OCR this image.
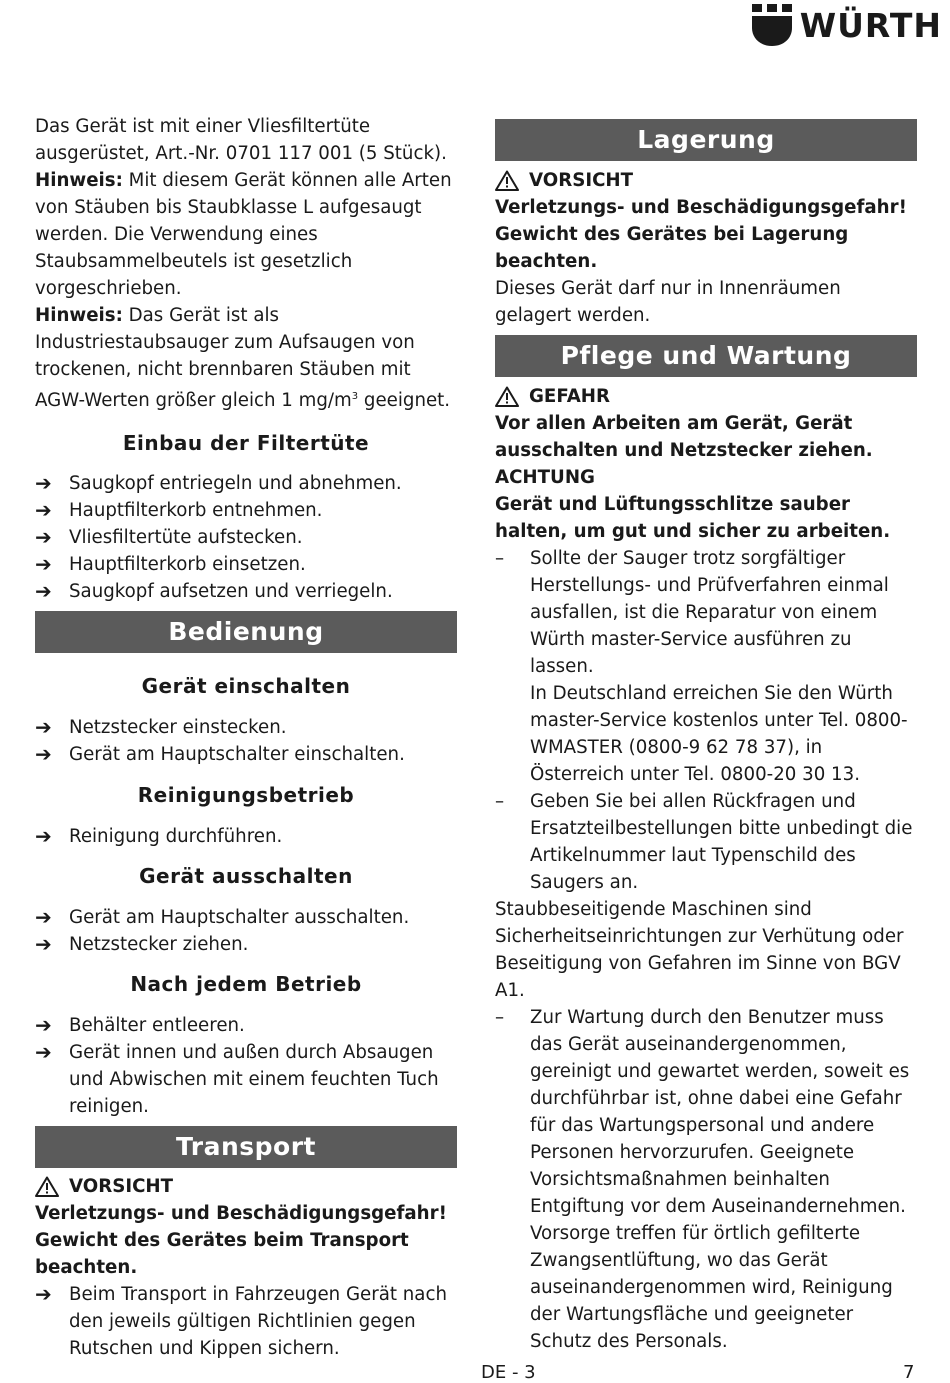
WÜRTH

Das Gerät ist mit einer Vliesfiltertüte ausgerüstet, Art.-Nr. 0701 117 001 (5 Stück).

Hinweis: Mit diesem Gerät können alle Arten von Stäuben bis Staubklasse L aufgesaugt werden. Die Verwendung eines Staubsammelbeutels ist gesetzlich vorgeschrieben.

Hinweis: Das Gerät ist als Industriestaubsauger zum Aufsaugen von trockenen, nicht brennbaren Stäuben mit AGW-Werten größer gleich 1 $mg/m^3$ geeignet.

Einbau der Filtertüte
➔ Saugkopf entriegeln und abnehmen.
➔ Hauptfilterkorb entnehmen.
➔ Vliesfiltertüte aufstecken.
➔ Hauptfilterkorb einsetzen.
➔ Saugkopf aufsetzen und verriegeln.
Bedienung
Gerät einschalten
➔ Netzstecker einstecken.
➔ Gerät am Hauptschalter einschalten.
Reinigungsbetrieb
➔ Reinigung durchführen.
Gerät ausschalten
➔ Gerät am Hauptschalter ausschalten.
➔ Netzstecker ziehen.
Nach jedem Betrieb
➔ Behälter entleeren.
➔ Gerät innen und außen durch Absaugen und Abwischen mit einem feuchten Tuch reinigen.
Transport
VORSICHT

Verletzungs- und Beschädigungsgefahr! Gewicht des Gerätes beim Transport beachten.

➔ Beim Transport in Fahrzeugen Gerät nach den jeweils gültigen Richtlinien gegen Rutschen und Kippen sichern.
Lagerung
VORSICHT

Verletzungs- und Beschädigungsgefahr! Gewicht des Gerätes bei Lagerung beachten.

Dieses Gerät darf nur in Innenräumen gelagert werden.

Pflege und Wartung
GEFAHR

Vor allen Arbeiten am Gerät, Gerät ausschalten und Netzstecker ziehen.

ACHTUNG

Gerät und Lüftungsschlitze sauber halten, um gut und sicher zu arbeiten.

– Sollte der Sauger trotz sorgfältiger Herstellungs- und Prüfverfahren einmal ausfallen, ist die Reparatur von einem Würth master-Service ausführen zu lassen.
In Deutschland erreichen Sie den Würth master-Service kostenlos unter Tel. 0800-WMASTER (0800-9 62 78 37), in Österreich unter Tel. 0800-20 30 13.
– Geben Sie bei allen Rückfragen und Ersatzteilbestellungen bitte unbedingt die Artikelnummer laut Typenschild des Saugers an.

Staubbeseitigende Maschinen sind Sicherheitseinrichtungen zur Verhütung oder Beseitigung von Gefahren im Sinne von BGV A1.

– Zur Wartung durch den Benutzer muss das Gerät auseinandergenommen, gereinigt und gewartet werden, soweit es durchführbar ist, ohne dabei eine Gefahr für das Wartungspersonal und andere Personen hervorzurufen. Geeignete Vorsichtsmaßnahmen beinhalten Entgiftung vor dem Auseinandernehmen. Vorsorge treffen für örtlich gefilterte Zwangsentlüftung, wo das Gerät auseinandergenommen wird, Reinigung der Wartungsfläche und geeigneter Schutz des Personals.
DE - 3	7
